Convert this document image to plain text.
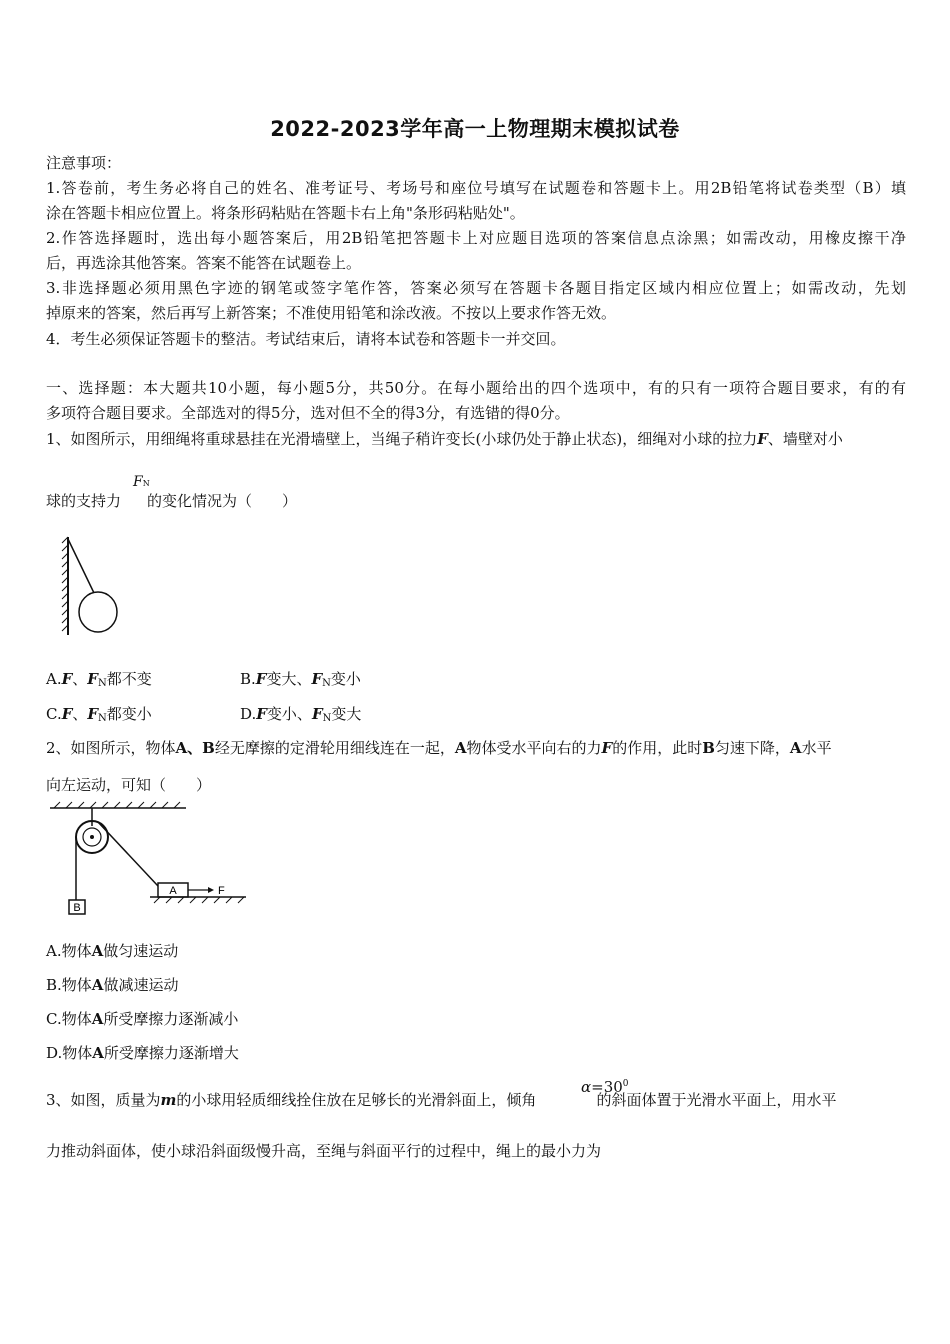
2022-2023学年高一上物理期末模拟试卷
注意事项：
1.答卷前，考生务必将自己的姓名、准考证号、考场号和座位号填写在试题卷和答题卡上。用2B铅笔将试卷类型（B）填
涂在答题卡相应位置上。将条形码粘贴在答题卡右上角"条形码粘贴处"。
2.作答选择题时，选出每小题答案后，用2B铅笔把答题卡上对应题目选项的答案信息点涂黑；如需改动，用橡皮擦干净
后，再选涂其他答案。答案不能答在试题卷上。
3.非选择题必须用黑色字迹的钢笔或签字笔作答，答案必须写在答题卡各题目指定区域内相应位置上；如需改动，先划
掉原来的答案，然后再写上新答案；不准使用铅笔和涂改液。不按以上要求作答无效。
4．考生必须保证答题卡的整洁。考试结束后，请将本试卷和答题卡一并交回。
一、选择题：本大题共10小题，每小题5分，共50分。在每小题给出的四个选项中，有的只有一项符合题目要求，有的有
多项符合题目要求。全部选对的得5分，选对但不全的得3分，有选错的得0分。
1、如图所示，用细绳将重球悬挂在光滑墙壁上，当绳子稍许变长(小球仍处于静止状态)，细绳对小球的拉力F、墙壁对小
球的支持力 的变化情况为（　　）
FN
A.F、$F_N$都不变	B.F变大、$F_N$变小
C.F、$F_N$都变小	D.F变小、$F_N$变大
2、如图所示，物体A、B经无摩擦的定滑轮用细线连在一起，A物体受水平向右的力F的作用，此时B匀速下降，A水平
向左运动，可知（　　）
B
A	F
A.物体A做匀速运动
B.物体A做减速运动
C.物体A所受摩擦力逐渐减小
D.物体A所受摩擦力逐渐增大
3、如图，质量为m的小球用轻质细线拴住放在足够长的光滑斜面上，倾角	的斜面体置于光滑水平面上，用水平
$\alpha=30^0$
力推动斜面体，使小球沿斜面级慢升高，至绳与斜面平行的过程中，绳上的最小力为
